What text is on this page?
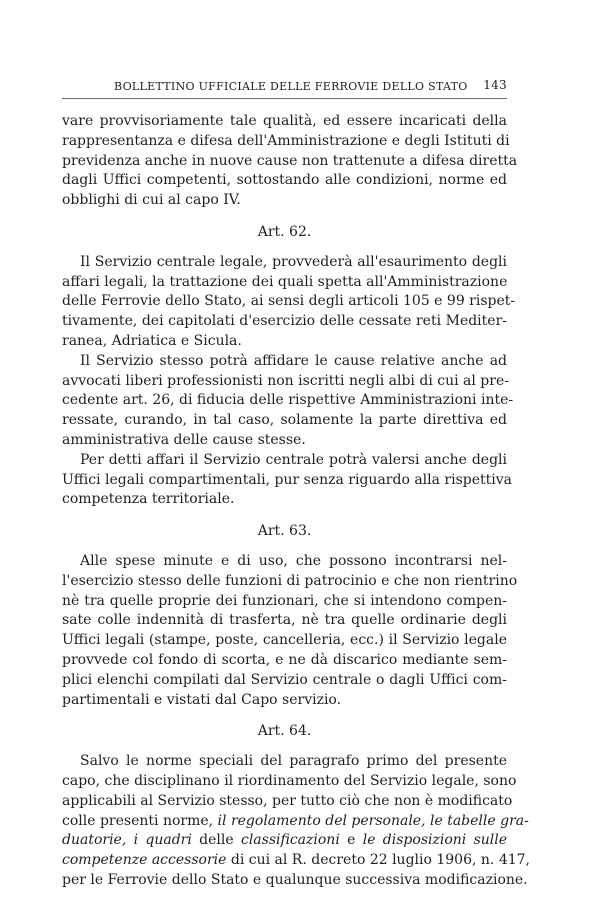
BOLLETTINO UFFICIALE DELLE FERROVIE DELLO STATO 143
vare provvisoriamente tale qualità, ed essere incaricati della
rappresentanza e difesa dell'Amministrazione e degli Istituti di
previdenza anche in nuove cause non trattenute a difesa diretta
dagli Uffici competenti, sottostando alle condizioni, norme ed
obblighi di cui al capo IV.
Art. 62.
Il Servizio centrale legale, provvederà all'esaurimento degli
affari legali, la trattazione dei quali spetta all'Amministrazione
delle Ferrovie dello Stato, ai sensi degli articoli 105 e 99 rispet-
tivamente, dei capitolati d'esercizio delle cessate reti Mediter-
ranea, Adriatica e Sicula.
Il Servizio stesso potrà affidare le cause relative anche ad
avvocati liberi professionisti non iscritti negli albi di cui al pre-
cedente art. 26, di fiducia delle rispettive Amministrazioni inte-
ressate, curando, in tal caso, solamente la parte direttiva ed
amministrativa delle cause stesse.
Per detti affari il Servizio centrale potrà valersi anche degli
Uffici legali compartimentali, pur senza riguardo alla rispettiva
competenza territoriale.
Art. 63.
Alle spese minute e di uso, che possono incontrarsi nel-
l'esercizio stesso delle funzioni di patrocinio e che non rientrino
nè tra quelle proprie dei funzionari, che si intendono compen-
sate colle indennità di trasferta, nè tra quelle ordinarie degli
Uffici legali (stampe, poste, cancelleria, ecc.) il Servizio legale
provvede col fondo di scorta, e ne dà discarico mediante sem-
plici elenchi compilati dal Servizio centrale o dagli Uffici com-
partimentali e vistati dal Capo servizio.
Art. 64.
Salvo le norme speciali del paragrafo primo del presente
capo, che disciplinano il riordinamento del Servizio legale, sono
applicabili al Servizio stesso, per tutto ciò che non è modificato
colle presenti norme, il regolamento del personale, le tabelle gra-
duatorie, i quadri delle classificazioni e le disposizioni sulle
competenze accessorie di cui al R. decreto 22 luglio 1906, n. 417,
per le Ferrovie dello Stato e qualunque successiva modificazione.
